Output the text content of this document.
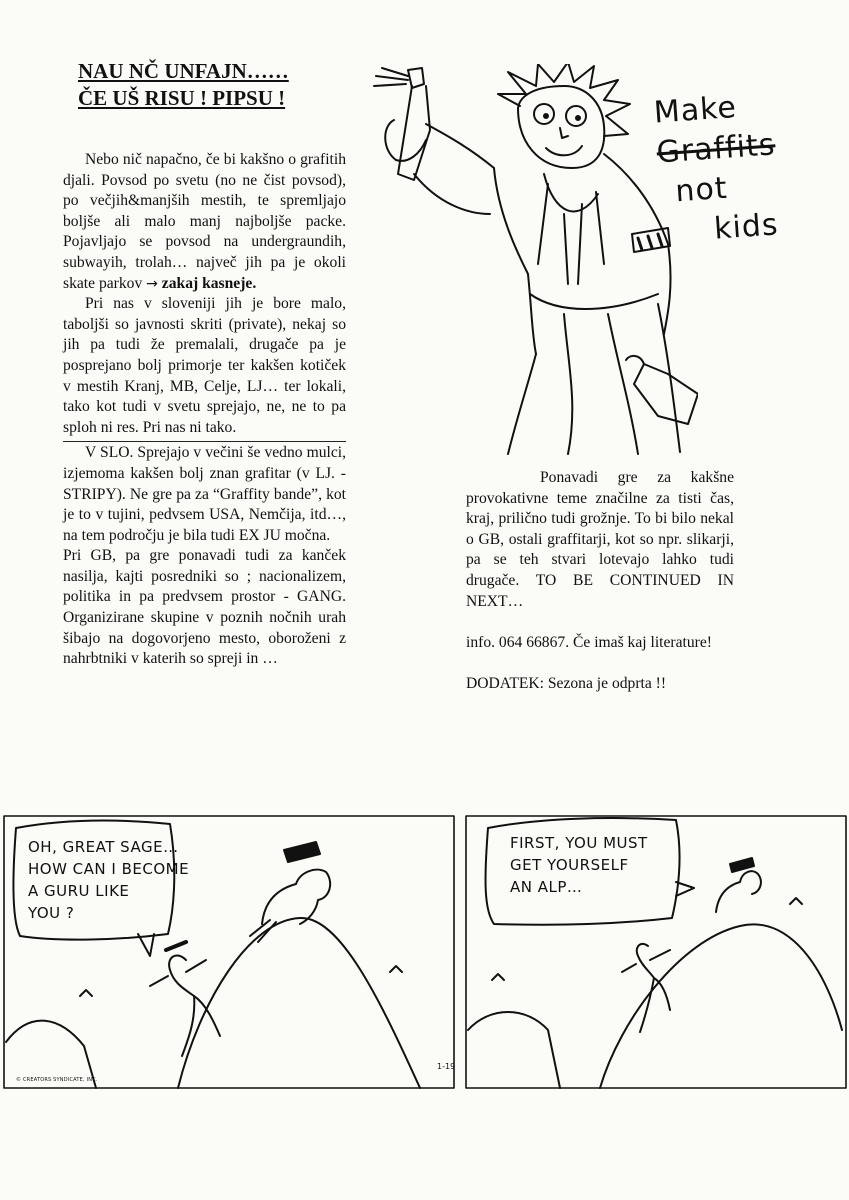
NAU NČ UNFAJN……
ČE UŠ RISU ! PIPSU !

Nebo nič napačno, če bi kakšno o grafitih djali. Povsod po svetu (no ne čist povsod), po večjih&manjših mestih, te spremljajo boljše ali malo manj najboljše packe. Pojavljajo se povsod na undergraundih, subwayih, trolah… največ jih pa je okoli skate parkov → zakaj kasneje.

Pri nas v sloveniji jih je bore malo, taboljši so javnosti skriti (private), nekaj so jih pa tudi že premalali, drugače pa je posprejano bolj primorje ter kakšen kotiček v mestih Kranj, MB, Celje, LJ… ter lokali, tako kot tudi v svetu sprejajo, ne, ne to pa sploh ni res. Pri nas ni tako.

V SLO. Sprejajo v večini še vedno mulci, izjemoma kakšen bolj znan grafitar (v LJ. - STRIPY). Ne gre pa za “Graffity bande”, kot je to v tujini, pedvsem USA, Nemčija, itd…, na tem področju je bila tudi EX JU močna.

Pri GB, pa gre ponavadi tudi za kanček nasilja, kajti posredniki so ; nacionalizem, politika in pa predvsem prostor - GANG. Organizirane skupine v poznih nočnih urah šibajo na dogovorjeno mesto, oboroženi z nahrbtniki v katerih so spreji in …

Make
Graffits
not
kids

Ponavadi gre za kakšne provokativne teme značilne za tisti čas, kraj, prilično tudi grožnje. To bi bilo nekal o GB, ostali graffitarji, kot so npr. slikarji, pa se teh stvari lotevajo lahko tudi drugače. TO BE CONTINUED IN NEXT…

info. 064 66867. Če imaš kaj literature!

DODATEK: Sezona je odprta !!

OH, GREAT SAGE…
HOW CAN I BECOME
A GURU LIKE
YOU ?
FIRST, YOU MUST
GET YOURSELF
AN ALP…
© CREATORS SYNDICATE, INC.
1-19
